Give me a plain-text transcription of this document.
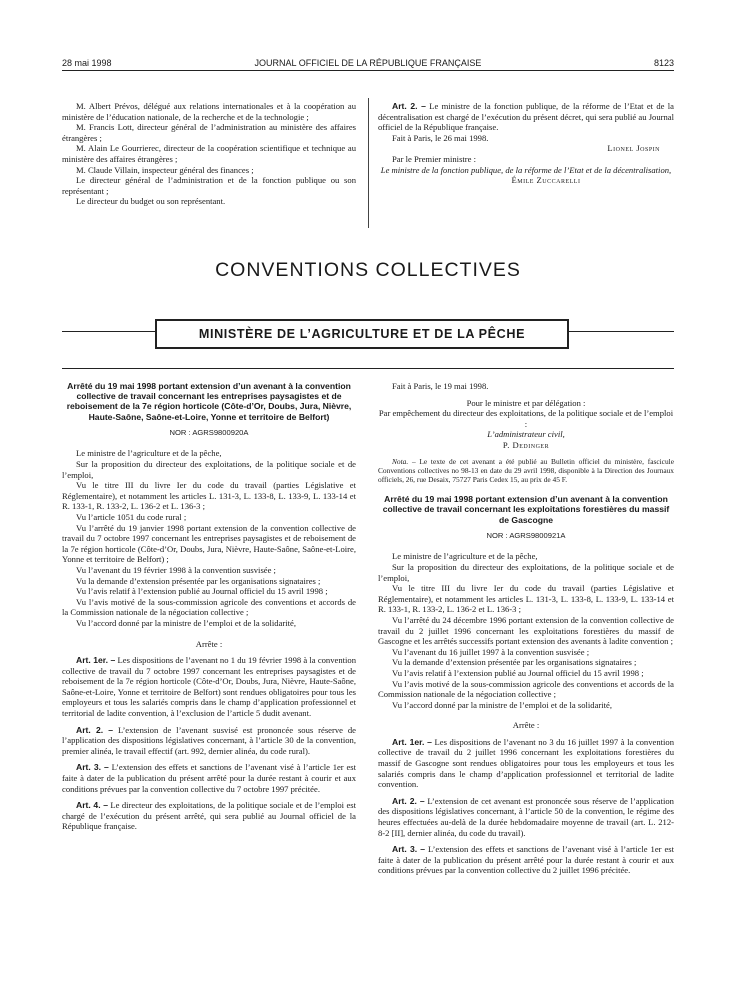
28 mai 1998	JOURNAL OFFICIEL DE LA RÉPUBLIQUE FRANÇAISE	8123

M. Albert Prévos, délégué aux relations internationales et à la coopération au ministère de l’éducation nationale, de la recherche et de la technologie ;

M. Francis Lott, directeur général de l’administration au ministère des affaires étrangères ;

M. Alain Le Gourrierec, directeur de la coopération scientifique et technique au ministère des affaires étrangères ;

M. Claude Villain, inspecteur général des finances ;

Le directeur général de l’administration et de la fonction publique ou son représentant ;

Le directeur du budget ou son représentant.

Art. 2. – Le ministre de la fonction publique, de la réforme de l’Etat et de la décentralisation est chargé de l’exécution du présent décret, qui sera publié au Journal officiel de la République française.

Fait à Paris, le 26 mai 1998.

Lionel Jospin

Par le Premier ministre :

Le ministre de la fonction publique, de la réforme de l’Etat et de la décentralisation,

Émile Zuccarelli

CONVENTIONS COLLECTIVES
MINISTÈRE DE L’AGRICULTURE ET DE LA PÊCHE
Arrêté du 19 mai 1998 portant extension d’un avenant à la convention collective de travail concernant les entreprises paysagistes et de reboisement de la 7e région horticole (Côte-d’Or, Doubs, Jura, Nièvre, Haute-Saône, Saône-et-Loire, Yonne et territoire de Belfort)

NOR : AGRS9800920A

Le ministre de l’agriculture et de la pêche,

Sur la proposition du directeur des exploitations, de la politique sociale et de l’emploi,

Vu le titre III du livre Ier du code du travail (parties Législative et Réglementaire), et notamment les articles L. 131-3, L. 133-8, L. 133-9, L. 133-14 et R. 133-1, R. 133-2, L. 136-2 et L. 136-3 ;

Vu l’article 1051 du code rural ;

Vu l’arrêté du 19 janvier 1998 portant extension de la convention collective de travail du 7 octobre 1997 concernant les entreprises paysagistes et de reboisement de la 7e région horticole (Côte-d’Or, Doubs, Jura, Nièvre, Haute-Saône, Saône-et-Loire, Yonne et territoire de Belfort) ;

Vu l’avenant du 19 février 1998 à la convention susvisée ;

Vu la demande d’extension présentée par les organisations signataires ;

Vu l’avis relatif à l’extension publié au Journal officiel du 15 avril 1998 ;

Vu l’avis motivé de la sous-commission agricole des conventions et accords de la Commission nationale de la négociation collective ;

Vu l’accord donné par la ministre de l’emploi et de la solidarité,

Arrête :

Art. 1er. – Les dispositions de l’avenant no 1 du 19 février 1998 à la convention collective de travail du 7 octobre 1997 concernant les entreprises paysagistes et de reboisement de la 7e région horticole (Côte-d’Or, Doubs, Jura, Nièvre, Haute-Saône, Saône-et-Loire, Yonne et territoire de Belfort) sont rendues obligatoires pour tous les employeurs et tous les salariés compris dans le champ d’application professionnel et territorial de ladite convention, à l’exclusion de l’article 5 dudit avenant.

Art. 2. – L’extension de l’avenant susvisé est prononcée sous réserve de l’application des dispositions législatives concernant, à l’article 30 de la convention, premier alinéa, le travail effectif (art. 992, dernier alinéa, du code rural).

Art. 3. – L’extension des effets et sanctions de l’avenant visé à l’article 1er est faite à dater de la publication du présent arrêté pour la durée restant à courir et aux conditions prévues par la convention collective du 7 octobre 1997 précitée.

Art. 4. – Le directeur des exploitations, de la politique sociale et de l’emploi est chargé de l’exécution du présent arrêté, qui sera publié au Journal officiel de la République française.

Fait à Paris, le 19 mai 1998.

Pour le ministre et par délégation :

Par empêchement du directeur des exploitations, de la politique sociale et de l’emploi :

L’administrateur civil,

P. Dedinger

Nota. – Le texte de cet avenant a été publié au Bulletin officiel du ministère, fascicule Conventions collectives no 98-13 en date du 29 avril 1998, disponible à la Direction des Journaux officiels, 26, rue Desaix, 75727 Paris Cedex 15, au prix de 45 F.

Arrêté du 19 mai 1998 portant extension d’un avenant à la convention collective de travail concernant les exploitations forestières du massif de Gascogne

NOR : AGRS9800921A

Le ministre de l’agriculture et de la pêche,

Sur la proposition du directeur des exploitations, de la politique sociale et de l’emploi,

Vu le titre III du livre Ier du code du travail (parties Législative et Réglementaire), et notamment les articles L. 131-3, L. 133-8, L. 133-9, L. 133-14 et R. 133-1, R. 133-2, L. 136-2 et L. 136-3 ;

Vu l’arrêté du 24 décembre 1996 portant extension de la convention collective de travail du 2 juillet 1996 concernant les exploitations forestières du massif de Gascogne et les arrêtés successifs portant extension des avenants à ladite convention ;

Vu l’avenant du 16 juillet 1997 à la convention susvisée ;

Vu la demande d’extension présentée par les organisations signataires ;

Vu l’avis relatif à l’extension publié au Journal officiel du 15 avril 1998 ;

Vu l’avis motivé de la sous-commission agricole des conventions et accords de la Commission nationale de la négociation collective ;

Vu l’accord donné par la ministre de l’emploi et de la solidarité,

Arrête :

Art. 1er. – Les dispositions de l’avenant no 3 du 16 juillet 1997 à la convention collective de travail du 2 juillet 1996 concernant les exploitations forestières du massif de Gascogne sont rendues obligatoires pour tous les employeurs et tous les salariés compris dans le champ d’application professionnel et territorial de ladite convention.

Art. 2. – L’extension de cet avenant est prononcée sous réserve de l’application des dispositions législatives concernant, à l’article 50 de la convention, le régime des heures effectuées au-delà de la durée hebdomadaire moyenne de travail (art. L. 212-8-2 [II], dernier alinéa, du code du travail).

Art. 3. – L’extension des effets et sanctions de l’avenant visé à l’article 1er est faite à dater de la publication du présent arrêté pour la durée restant à courir et aux conditions prévues par la convention collective du 2 juillet 1996 précitée.
